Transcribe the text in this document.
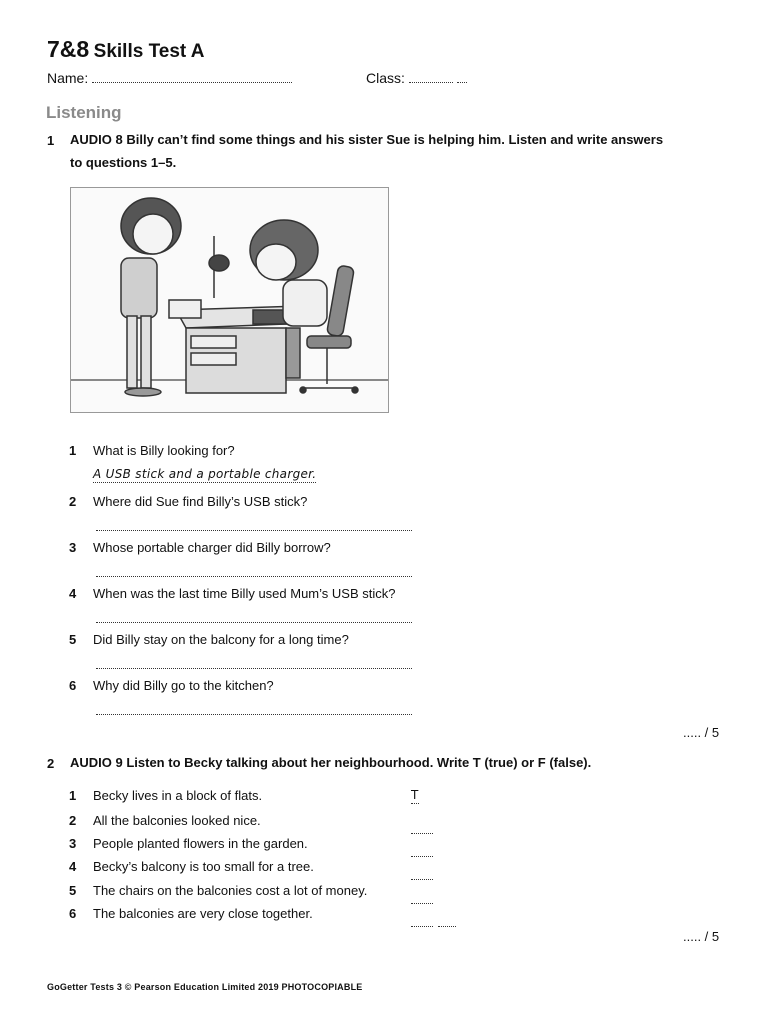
7&8 Skills Test A
Name:	Class:
Listening
1 AUDIO 8 Billy can’t find some things and his sister Sue is helping him. Listen and write answers
to questions 1–5.
1 What is Billy looking for?
A USB stick and a portable charger.
2 Where did Sue find Billy’s USB stick?
3 Whose portable charger did Billy borrow?
4 When was the last time Billy used Mum’s USB stick?
5 Did Billy stay on the balcony for a long time?
6 Why did Billy go to the kitchen?
..... / 5
2 AUDIO 9 Listen to Becky talking about her neighbourhood. Write T (true) or F (false).
1 Becky lives in a block of flats.	T
2 All the balconies looked nice.
3 People planted flowers in the garden.
4 Becky’s balcony is too small for a tree.
5 The chairs on the balconies cost a lot of money.
6 The balconies are very close together.
..... / 5
GoGetter Tests 3 © Pearson Education Limited 2019 PHOTOCOPIABLE
